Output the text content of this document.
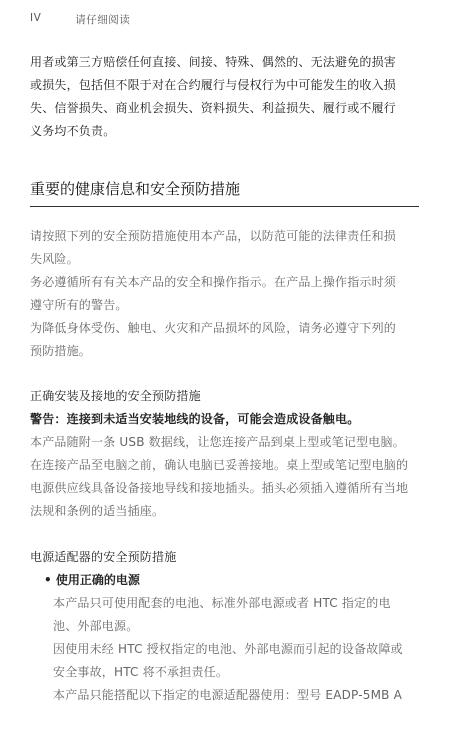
IV	请仔细阅读
用者或第三方赔偿任何直接、间接、特殊、偶然的、无法避免的损害
或损失，包括但不限于对在合约履行与侵权行为中可能发生的收入损
失、信誉损失、商业机会损失、资料损失、利益损失、履行或不履行
义务均不负责。
重要的健康信息和安全预防措施
请按照下列的安全预防措施使用本产品，以防范可能的法律责任和损
失风险。
务必遵循所有有关本产品的安全和操作指示。在产品上操作指示时须
遵守所有的警告。
为降低身体受伤、触电、火灾和产品损坏的风险，请务必遵守下列的
预防措施。
正确安装及接地的安全预防措施
警告：连接到未适当安装地线的设备，可能会造成设备触电。
本产品随附一条 USB 数据线，让您连接产品到桌上型或笔记型电脑。
在连接产品至电脑之前，确认电脑已妥善接地。桌上型或笔记型电脑的
电源供应线具备设备接地导线和接地插头。插头必须插入遵循所有当地
法规和条例的适当插座。
电源适配器的安全预防措施
• 使用正确的电源
本产品只可使用配套的电池、标准外部电源或者 HTC 指定的电
池、外部电源。
因使用未经 HTC 授权指定的电池、外部电源而引起的设备故障或
安全事故，HTC 将不承担责任。
本产品只能搭配以下指定的电源适配器使用：型号 EADP-5MB A
